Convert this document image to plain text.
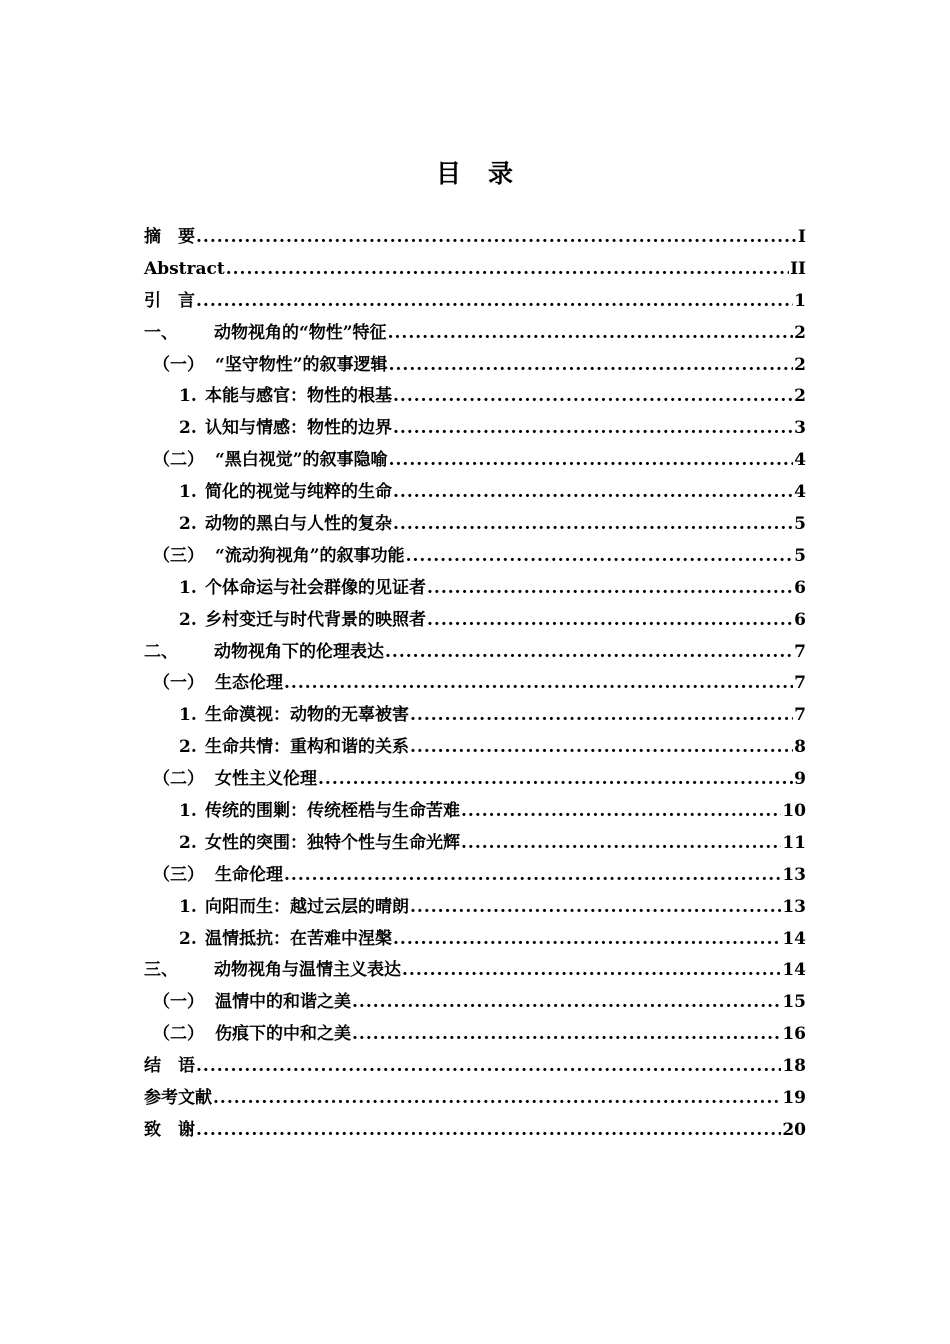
目　录
摘　要 .....	I
Abstract .....	II
引　言 .....	1
一、	动物视角的“物性”特征 .....	2
（一） “坚守物性”的叙事逻辑 .....	2
1. 本能与感官：物性的根基 .....	2
2. 认知与情感：物性的边界 .....	3
（二） “黑白视觉”的叙事隐喻 .....	4
1. 简化的视觉与纯粹的生命 .....	4
2. 动物的黑白与人性的复杂 .....	5
（三） “流动狗视角”的叙事功能 .....	5
1. 个体命运与社会群像的见证者 .....	6
2. 乡村变迁与时代背景的映照者 .....	6
二、	动物视角下的伦理表达 .....	7
（一） 生态伦理 .....	7
1. 生命漠视：动物的无辜被害 .....	7
2. 生命共情：重构和谐的关系 .....	8
（二） 女性主义伦理 .....	9
1. 传统的围剿：传统桎梏与生命苦难 .....	10
2. 女性的突围：独特个性与生命光辉 .....	11
（三） 生命伦理 .....	13
1. 向阳而生：越过云层的晴朗 .....	13
2. 温情抵抗：在苦难中涅槃 .....	14
三、	动物视角与温情主义表达 .....	14
（一） 温情中的和谐之美 .....	15
（二） 伤痕下的中和之美 .....	16
结　语 .....	18
参考文献 .....	19
致　谢 .....	20
